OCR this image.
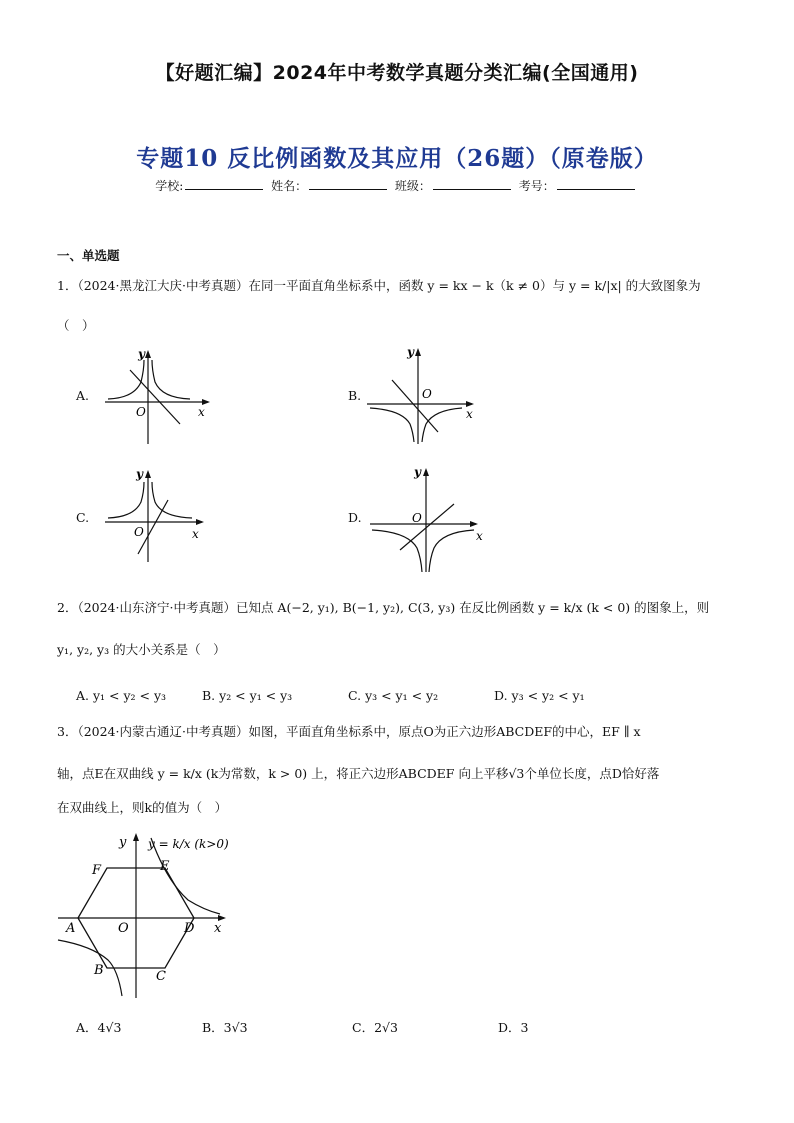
【好题汇编】2024年中考数学真题分类汇编(全国通用)
专题10 反比例函数及其应用（26题）（原卷版）
学校:	姓名：	班级：	考号：
一、单选题
1．（2024·黑龙江大庆·中考真题）在同一平面直角坐标系中，函数 y = kx − k（k ≠ 0）与 y = k/|x| 的大致图象为
（　）
A.
y
O	x
B.
y
O
x
C.
y
O	x
D.
y
O
x
2．（2024·山东济宁·中考真题）已知点 A(−2, y₁), B(−1, y₂), C(3, y₃) 在反比例函数 y = k/x (k < 0) 的图象上，则
y₁, y₂, y₃ 的大小关系是（　）
A. y₁ < y₂ < y₃	B. y₂ < y₁ < y₃	C. y₃ < y₁ < y₂	D. y₃ < y₂ < y₁
3．（2024·内蒙古通辽·中考真题）如图，平面直角坐标系中，原点O为正六边形ABCDEF的中心，EF ∥ x
轴，点E在双曲线 y = k/x (k为常数，k > 0) 上，将正六边形ABCDEF 向上平移√3个单位长度，点D恰好落
在双曲线上，则k的值为（　）
y
x
O
A
B	C
D
E
F
y = k/x (k>0)
A．4√3	B．3√3	C．2√3	D．3
